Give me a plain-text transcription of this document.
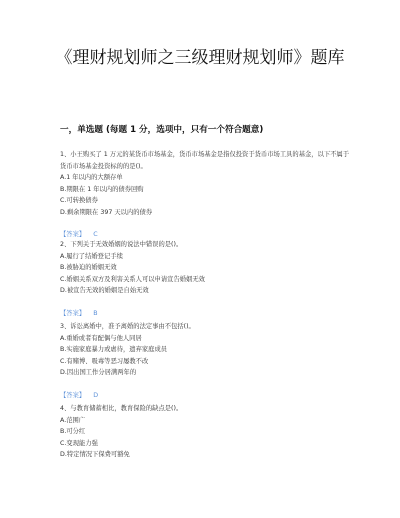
《理财规划师之三级理财规划师》题库
一，单选题 (每题 1 分，选项中，只有一个符合题意)

1、小王购买了 1 万元的某货币市场基金，货币市场基金是指仅投资于货币市场工具的基金，以下不属于货币市场基金投资标的的是()。

A.1 年以内的大额存单

B.期限在 1 年以内的债券回购

C.可转换债券

D.剩余期限在 397 天以内的债券

【答案】 C

2、下列关于无效婚姻的说法中错误的是()。

A.履行了结婚登记手续

B.被胁迫的婚姻无效

C.婚姻关系双方及利害关系人可以申请宣告婚姻无效

D.被宣告无效的婚姻是自始无效

【答案】 B

3、诉讼离婚中，准予离婚的法定事由不包括()。

A.重婚或者有配偶与他人同居

B.实施家庭暴力或虐待，遗弃家庭成员

C.有赌博、吸毒等恶习屡教不改

D.因出国工作分居满两年的

【答案】 D

4、与教育储蓄相比，教育保险的缺点是()。

A.范围广

B.可分红

C.变现能力强

D.特定情况下保费可豁免
